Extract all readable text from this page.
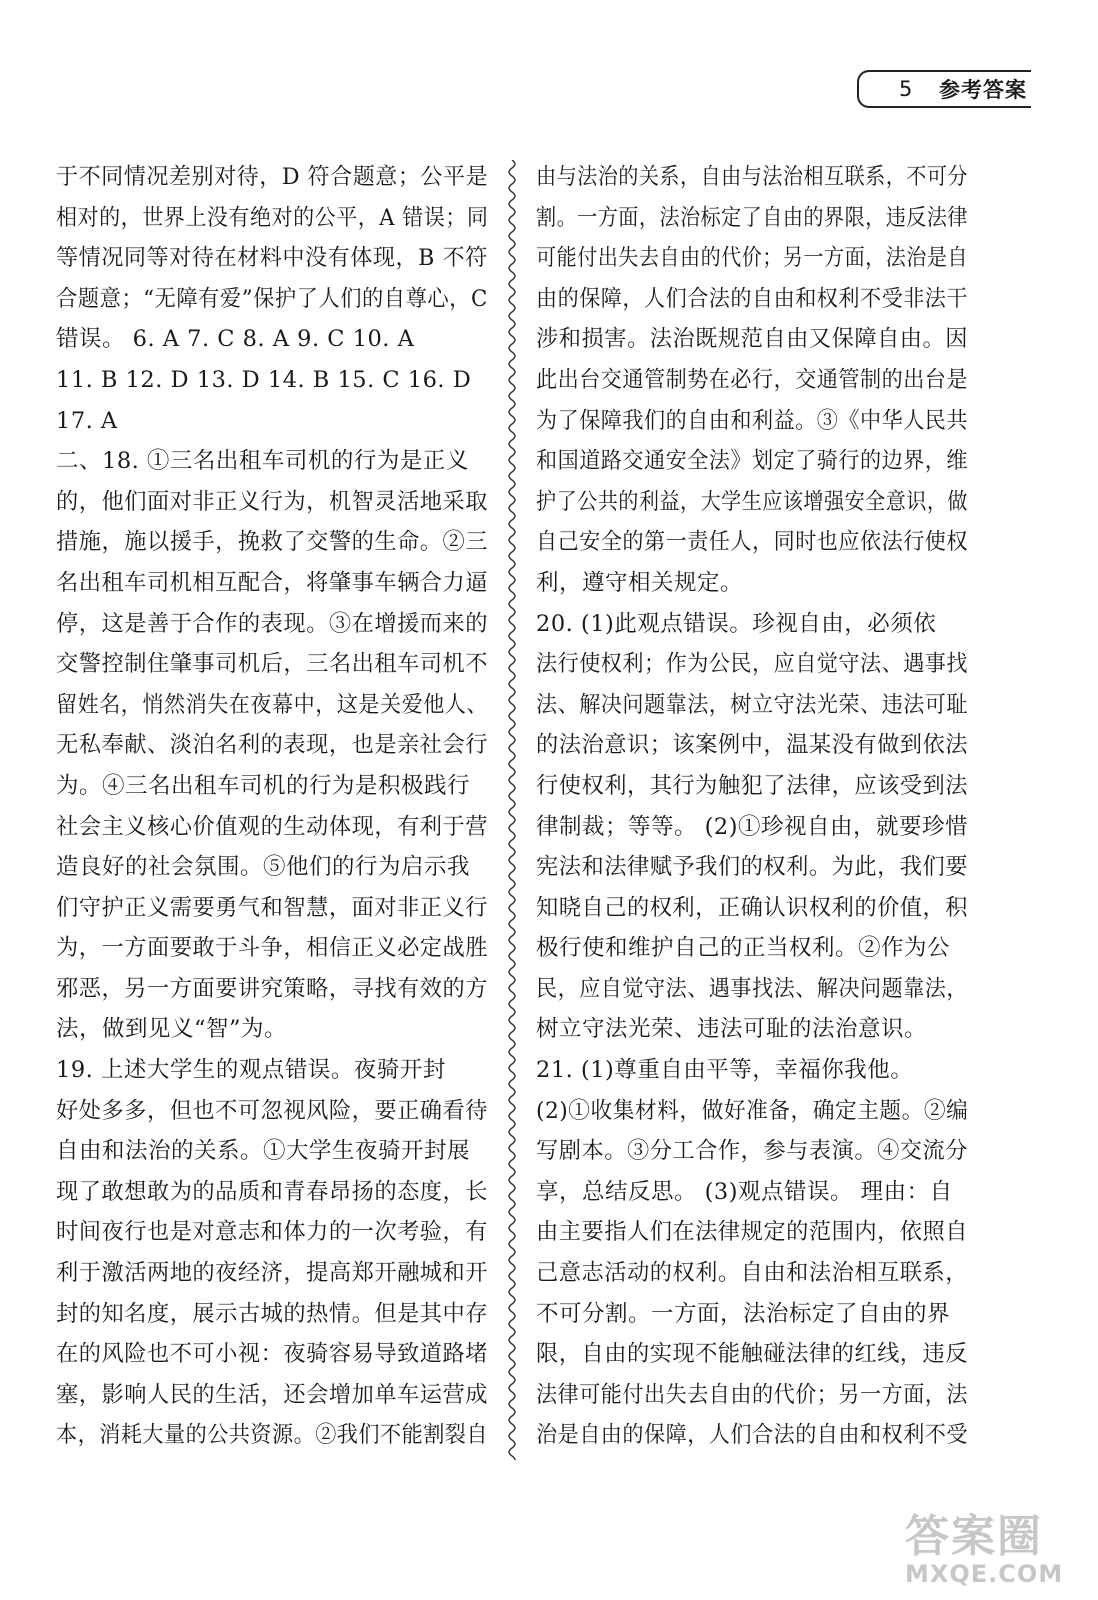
5	参考答案
于不同情况差别对待，D 符合题意；公平是
相对的，世界上没有绝对的公平，A 错误；同
等情况同等对待在材料中没有体现，B 不符
合题意；“无障有爱”保护了人们的自尊心，C
错误。 6. A 7. C 8. A 9. C 10. A
11. B 12. D 13. D 14. B 15. C 16. D
17. A
二、18. ①三名出租车司机的行为是正义
的，他们面对非正义行为，机智灵活地采取
措施，施以援手，挽救了交警的生命。②三
名出租车司机相互配合，将肇事车辆合力逼
停，这是善于合作的表现。③在增援而来的
交警控制住肇事司机后，三名出租车司机不
留姓名，悄然消失在夜幕中，这是关爱他人、
无私奉献、淡泊名利的表现，也是亲社会行
为。④三名出租车司机的行为是积极践行
社会主义核心价值观的生动体现，有利于营
造良好的社会氛围。⑤他们的行为启示我
们守护正义需要勇气和智慧，面对非正义行
为，一方面要敢于斗争，相信正义必定战胜
邪恶，另一方面要讲究策略，寻找有效的方
法，做到见义“智”为。
19. 上述大学生的观点错误。夜骑开封
好处多多，但也不可忽视风险，要正确看待
自由和法治的关系。①大学生夜骑开封展
现了敢想敢为的品质和青春昂扬的态度，长
时间夜行也是对意志和体力的一次考验，有
利于激活两地的夜经济，提高郑开融城和开
封的知名度，展示古城的热情。但是其中存
在的风险也不可小视：夜骑容易导致道路堵
塞，影响人民的生活，还会增加单车运营成
本，消耗大量的公共资源。②我们不能割裂自
由与法治的关系，自由与法治相互联系，不可分
割。一方面，法治标定了自由的界限，违反法律
可能付出失去自由的代价；另一方面，法治是自
由的保障，人们合法的自由和权利不受非法干
涉和损害。法治既规范自由又保障自由。因
此出台交通管制势在必行，交通管制的出台是
为了保障我们的自由和利益。③《中华人民共
和国道路交通安全法》划定了骑行的边界，维
护了公共的利益，大学生应该增强安全意识，做
自己安全的第一责任人，同时也应依法行使权
利，遵守相关规定。
20. (1)此观点错误。珍视自由，必须依
法行使权利；作为公民，应自觉守法、遇事找
法、解决问题靠法，树立守法光荣、违法可耻
的法治意识；该案例中，温某没有做到依法
行使权利，其行为触犯了法律，应该受到法
律制裁；等等。 (2)①珍视自由，就要珍惜
宪法和法律赋予我们的权利。为此，我们要
知晓自己的权利，正确认识权利的价值，积
极行使和维护自己的正当权利。②作为公
民，应自觉守法、遇事找法、解决问题靠法，
树立守法光荣、违法可耻的法治意识。
21. (1)尊重自由平等，幸福你我他。
(2)①收集材料，做好准备，确定主题。②编
写剧本。③分工合作，参与表演。④交流分
享，总结反思。 (3)观点错误。 理由：自
由主要指人们在法律规定的范围内，依照自
己意志活动的权利。自由和法治相互联系，
不可分割。一方面，法治标定了自由的界
限，自由的实现不能触碰法律的红线，违反
法律可能付出失去自由的代价；另一方面，法
治是自由的保障，人们合法的自由和权利不受
答案圈
MXQE.COM
